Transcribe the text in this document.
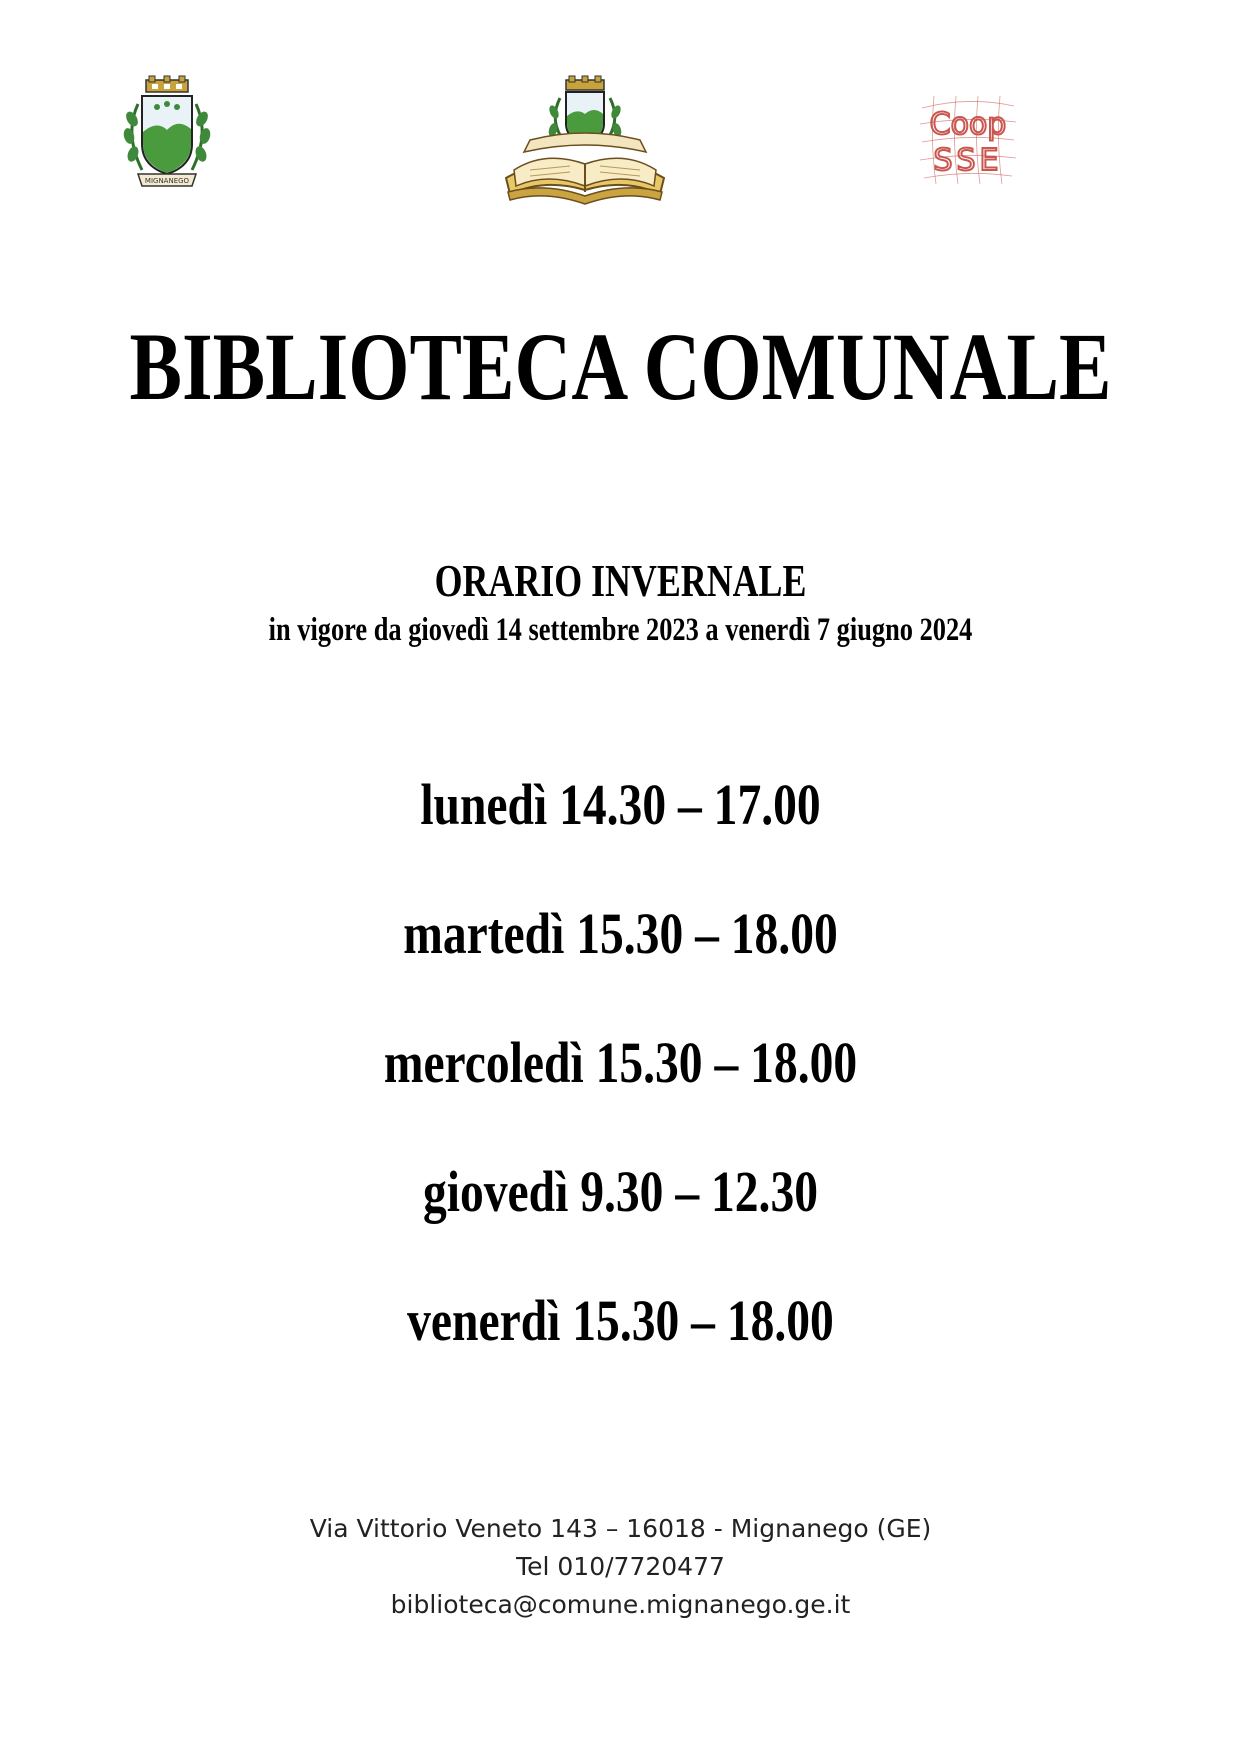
MIGNANEGO
Coop
SSE
BIBLIOTECA COMUNALE
ORARIO INVERNALE
in vigore da giovedì 14 settembre 2023 a venerdì 7 giugno 2024
lunedì 14.30 – 17.00
martedì 15.30 – 18.00
mercoledì 15.30 – 18.00
giovedì 9.30 – 12.30
venerdì 15.30 – 18.00
Via Vittorio Veneto 143 – 16018 - Mignanego (GE)
Tel 010/7720477
biblioteca@comune.mignanego.ge.it
